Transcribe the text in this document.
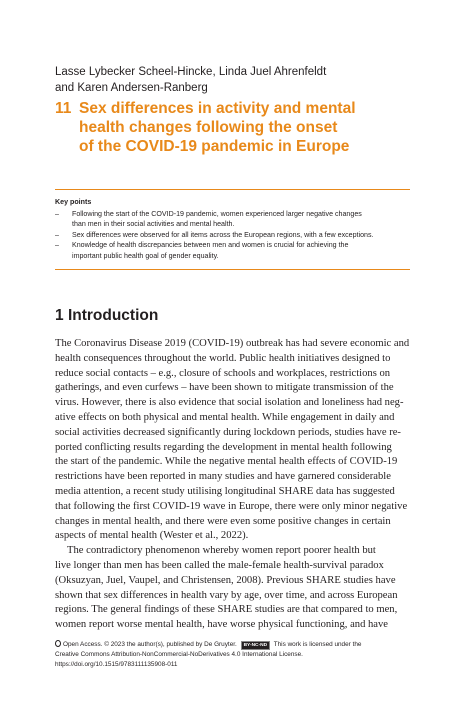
Lasse Lybecker Scheel-Hincke, Linda Juel Ahrenfeldt
and Karen Andersen-Ranberg
11 Sex differences in activity and mental
health changes following the onset
of the COVID-19 pandemic in Europe
Key points
– Following the start of the COVID-19 pandemic, women experienced larger negative changes
than men in their social activities and mental health.
– Sex differences were observed for all items across the European regions, with a few exceptions.
– Knowledge of health discrepancies between men and women is crucial for achieving the
important public health goal of gender equality.
1 Introduction
The Coronavirus Disease 2019 (COVID-19) outbreak has had severe economic and
health consequences throughout the world. Public health initiatives designed to
reduce social contacts – e.g., closure of schools and workplaces, restrictions on
gatherings, and even curfews – have been shown to mitigate transmission of the
virus. However, there is also evidence that social isolation and loneliness had neg-
ative effects on both physical and mental health. While engagement in daily and
social activities decreased significantly during lockdown periods, studies have re-
ported conflicting results regarding the development in mental health following
the start of the pandemic. While the negative mental health effects of COVID-19
restrictions have been reported in many studies and have garnered considerable
media attention, a recent study utilising longitudinal SHARE data has suggested
that following the first COVID-19 wave in Europe, there were only minor negative
changes in mental health, and there were even some positive changes in certain
aspects of mental health (Wester et al., 2022).
The contradictory phenomenon whereby women report poorer health but
live longer than men has been called the male-female health-survival paradox
(Oksuzyan, Juel, Vaupel, and Christensen, 2008). Previous SHARE studies have
shown that sex differences in health vary by age, over time, and across European
regions. The general findings of these SHARE studies are that compared to men,
women report worse mental health, have worse physical functioning, and have
Open Access. © 2023 the author(s), published by De Gruyter. BY-NC-ND This work is licensed under the
Creative Commons Attribution-NonCommercial-NoDerivatives 4.0 International License.
https://doi.org/10.1515/9783111135908-011
